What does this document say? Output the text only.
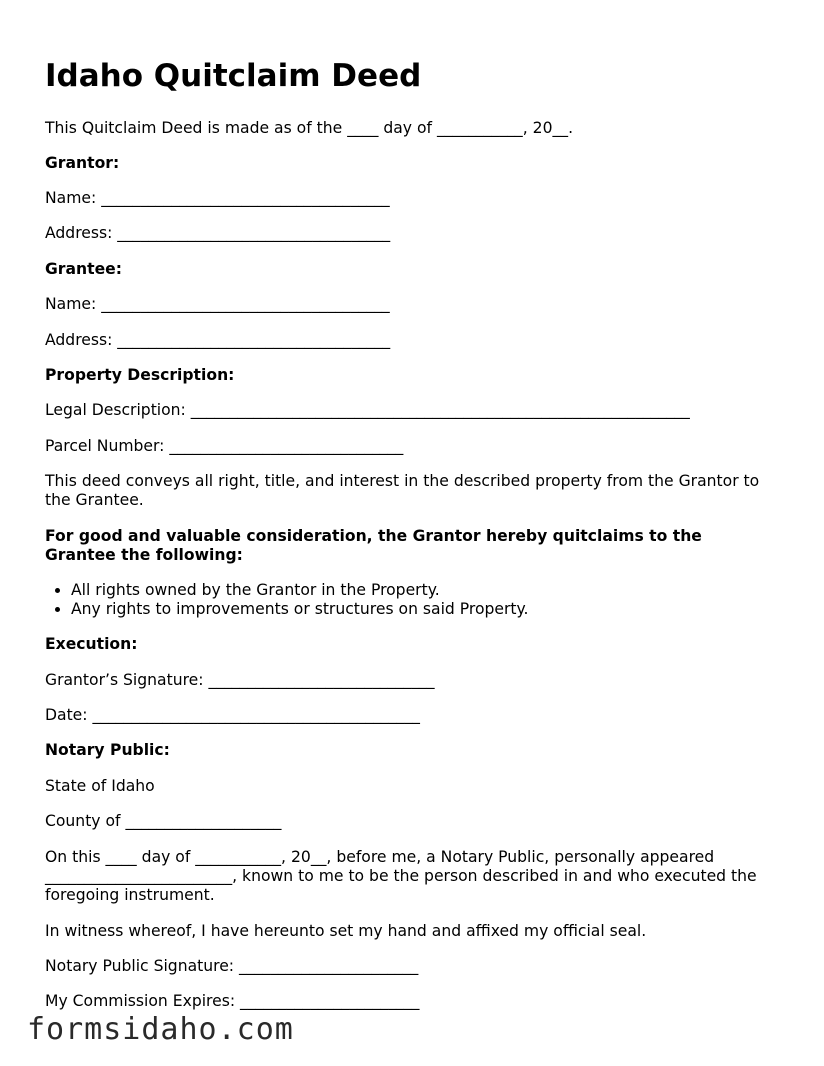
Idaho Quitclaim Deed

This Quitclaim Deed is made as of the ____ day of ___________, 20__.

Grantor:

Name: _____________________________________

Address: ___________________________________

Grantee:

Name: _____________________________________

Address: ___________________________________

Property Description:

Legal Description: ________________________________________________________________

Parcel Number: ______________________________

This deed conveys all right, title, and interest in the described property from the Grantor to the Grantee.

For good and valuable consideration, the Grantor hereby quitclaims to the Grantee the following:

• All rights owned by the Grantor in the Property.
• Any rights to improvements or structures on said Property.

Execution:

Grantor’s Signature: _____________________________

Date: __________________________________________

Notary Public:

State of Idaho

County of ____________________

On this ____ day of ___________, 20__, before me, a Notary Public, personally appeared ________________________, known to me to be the person described in and who executed the foregoing instrument.

In witness whereof, I have hereunto set my hand and affixed my official seal.

Notary Public Signature: _______________________

My Commission Expires: _______________________

formsidaho.com
